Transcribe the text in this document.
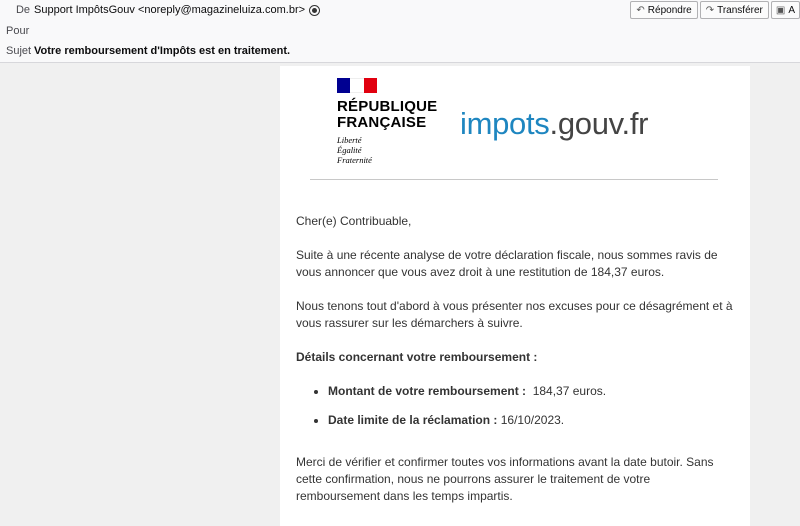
De Support ImpôtsGouv <noreply@magazineluiza.com.br>
Pour
Sujet Votre remboursement d'Impôts est en traitement.
↶ Répondre ↷ Transférer ▣ A
RÉPUBLIQUE
FRANÇAISE
Liberté
Égalité
Fraternité
impots.gouv.fr

Cher(e) Contribuable,

Suite à une récente analyse de votre déclaration fiscale, nous sommes ravis de vous annoncer que vous avez droit à une restitution de 184,37 euros.

Nous tenons tout d'abord à vous présenter nos excuses pour ce désagrément et à vous rassurer sur les démarchers à suivre.

Détails concernant votre remboursement :

• Montant de votre remboursement : 184,37 euros.
• Date limite de la réclamation : 16/10/2023.

Merci de vérifier et confirmer toutes vos informations avant la date butoir. Sans cette confirmation, nous ne pourrons assurer le traitement de votre remboursement dans les temps impartis.
